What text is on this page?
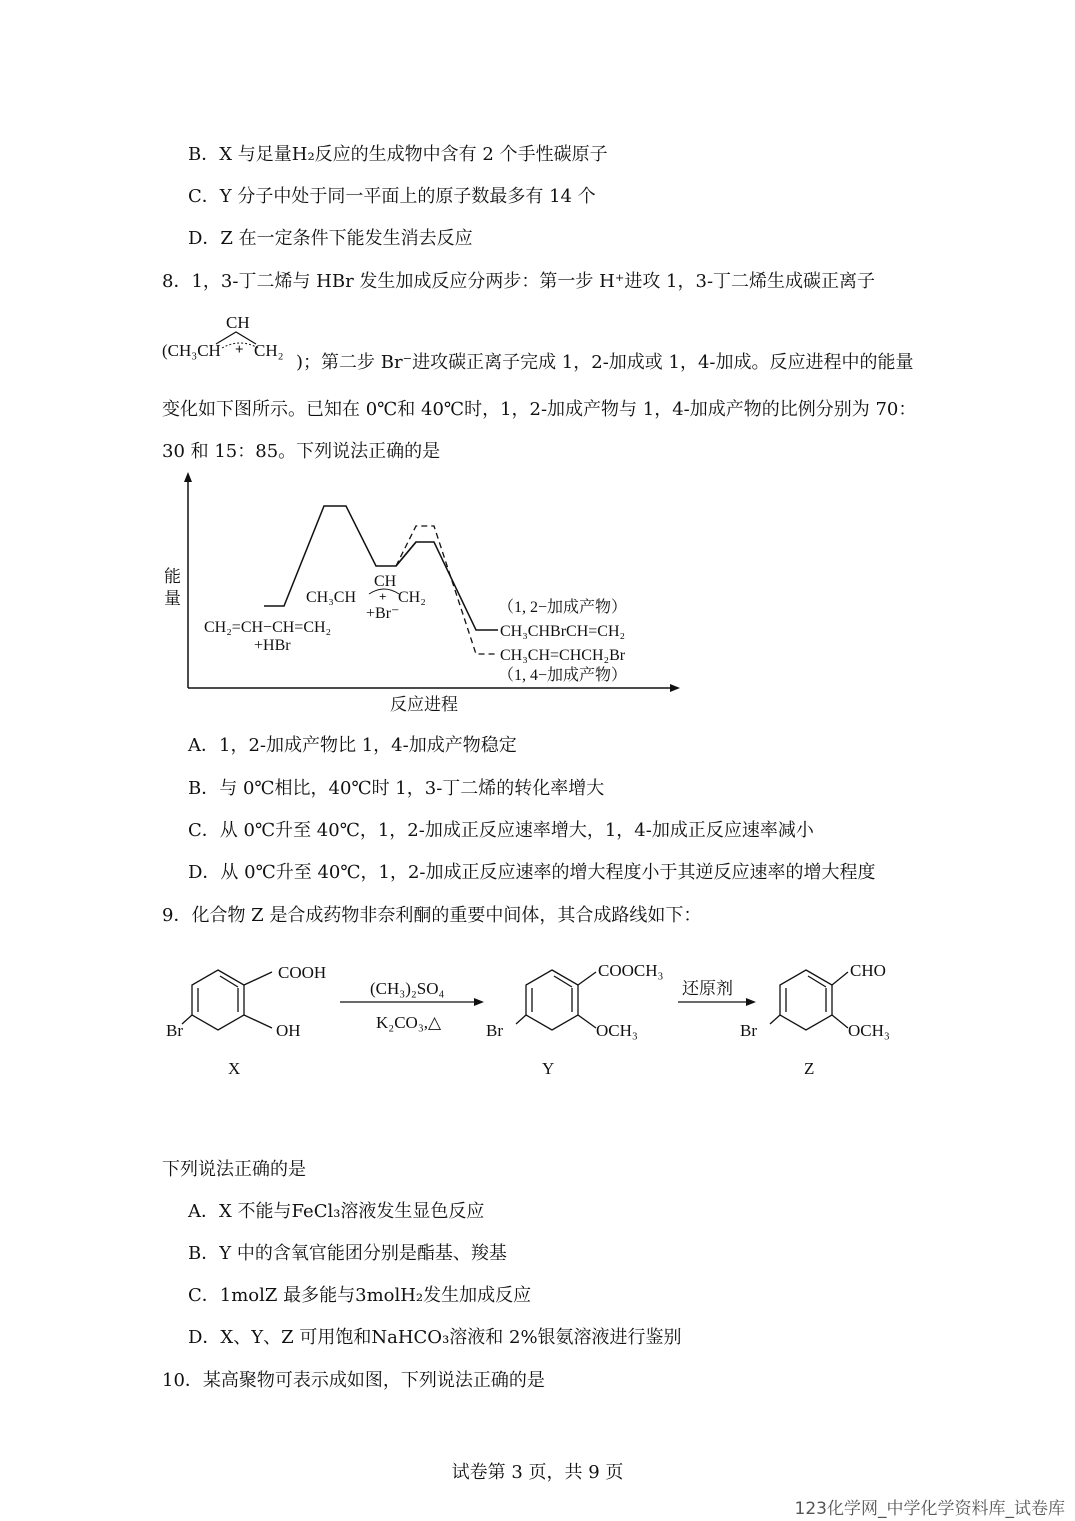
B．X 与足量H₂反应的生成物中含有 2 个手性碳原子
C．Y 分子中处于同一平面上的原子数最多有 14 个
D．Z 在一定条件下能发生消去反应
8．1，3-丁二烯与 HBr 发生加成反应分两步：第一步 H⁺进攻 1，3-丁二烯生成碳正离子
CH
(CH₃CH + CH₂
)；第二步 Br⁻进攻碳正离子完成 1，2-加成或 1，4-加成。反应进程中的能量
变化如下图所示。已知在 0℃和 40℃时，1，2-加成产物与 1，4-加成产物的比例分别为 70：
30 和 15：85。下列说法正确的是
能
量
反应进程
CH₂=CH−CH=CH₂
+HBr
CH
CH₃CH + CH₂
+Br⁻	（1, 2−加成产物）
CH₃CHBrCH=CH₂
CH₃CH=CHCH₂Br
（1, 4−加成产物）
A．1，2-加成产物比 1，4-加成产物稳定
B．与 0℃相比，40℃时 1，3-丁二烯的转化率增大
C．从 0℃升至 40℃，1，2-加成正反应速率增大，1，4-加成正反应速率减小
D．从 0℃升至 40℃，1，2-加成正反应速率的增大程度小于其逆反应速率的增大程度
9．化合物 Z 是合成药物非奈利酮的重要中间体，其合成路线如下：
COOH
OH
Br
X
(CH₃)₂SO₄
K₂CO₃,△
COOCH₃
OCH₃
Br
Y
还原剂
CHO
OCH₃
Br
Z
下列说法正确的是
A．X 不能与FeCl₃溶液发生显色反应
B．Y 中的含氧官能团分别是酯基、羧基
C．1molZ 最多能与3molH₂发生加成反应
D．X、Y、Z 可用饱和NaHCO₃溶液和 2%银氨溶液进行鉴别
10．某高聚物可表示成如图，下列说法正确的是
试卷第 3 页，共 9 页
123化学网_中学化学资料库_试卷库
